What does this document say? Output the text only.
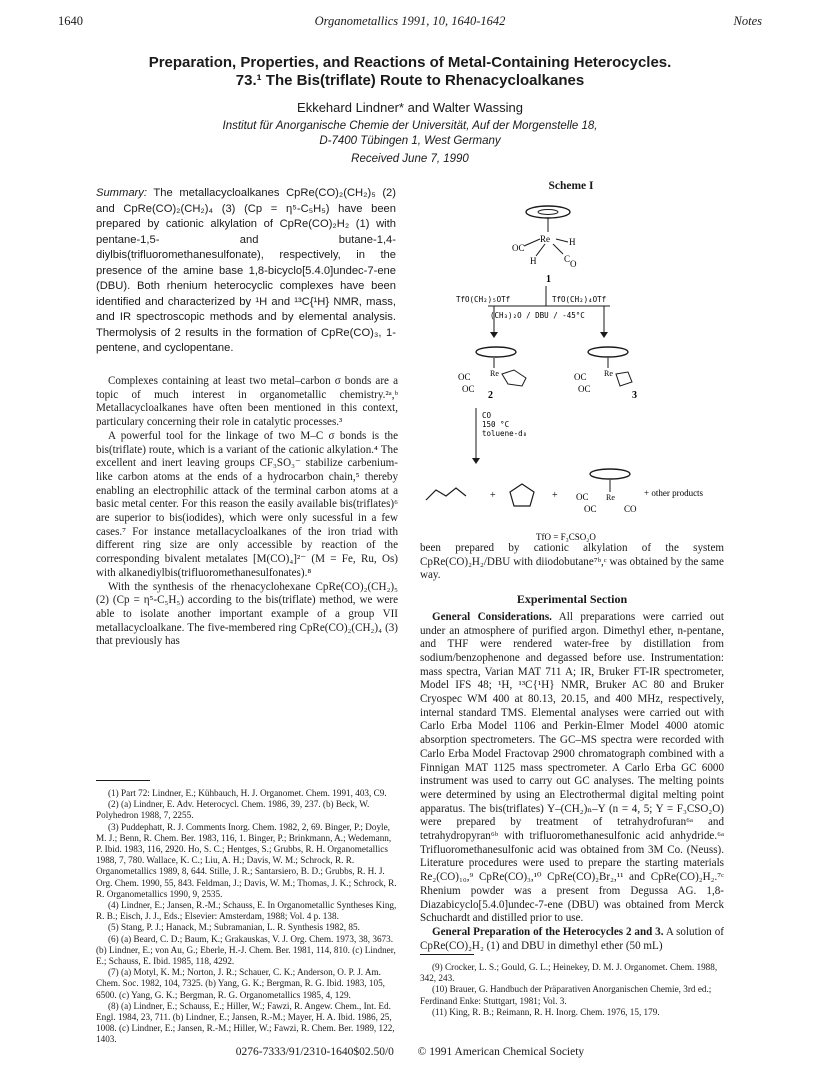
1640	Organometallics 1991, 10, 1640-1642	Notes
Preparation, Properties, and Reactions of Metal-Containing Heterocycles.
73.¹ The Bis(triflate) Route to Rhenacycloalkanes
Ekkehard Lindner* and Walter Wassing
Institut für Anorganische Chemie der Universität, Auf der Morgenstelle 18,
D-7400 Tübingen 1, West Germany
Received June 7, 1990
Summary: The metallacycloalkanes CpRe(CO)₂(CH₂)₅ (2) and CpRe(CO)₂(CH₂)₄ (3) (Cp = η⁵-C₅H₅) have been prepared by cationic alkylation of CpRe(CO)₂H₂ (1) with pentane-1,5- and butane-1,4-diylbis(trifluoromethanesulfonate), respectively, in the presence of the amine base 1,8-bicyclo[5.4.0]undec-7-ene (DBU). Both rhenium heterocyclic complexes have been identified and characterized by ¹H and ¹³C{¹H} NMR, mass, and IR spectroscopic methods and by elemental analysis. Thermolysis of 2 results in the formation of CpRe(CO)₃, 1-pentene, and cyclopentane.

Complexes containing at least two metal–carbon σ bonds are a topic of much interest in organometallic chemistry.²ᵃ,ᵇ Metallacycloalkanes have often been mentioned in this context, particulary concerning their role in catalytic processes.³

A powerful tool for the linkage of two M–C σ bonds is the bis(triflate) route, which is a variant of the cationic alkylation.⁴ The excellent and inert leaving groups CF₃SO₃⁻ stabilize carbenium-like carbon atoms at the ends of a hydrocarbon chain,⁵ thereby enabling an electrophilic attack of the terminal carbon atoms at a basic metal center. For this reason the easily available bis(triflates)⁶ are superior to bis(iodides), which were only sucessful in a few cases.⁷ For instance metallacycloalkanes of the iron triad with different ring size are only accessible by reaction of the corresponding bivalent metalates [M(CO)₄]²⁻ (M = Fe, Ru, Os) with alkanediylbis(trifluoromethanesulfonates).⁸

With the synthesis of the rhenacyclohexane CpRe(CO)₂(CH₂)₅ (2) (Cp = η⁵-C₅H₅) according to the bis(triflate) method, we were able to isolate another important example of a group VII metallacycloalkane. The five-membered ring CpRe(CO)₂(CH₂)₄ (3) that previously has

(1) Part 72: Lindner, E.; Kühbauch, H. J. Organomet. Chem. 1991, 403, C9.
(2) (a) Lindner, E. Adv. Heterocycl. Chem. 1986, 39, 237. (b) Beck, W. Polyhedron 1988, 7, 2255.
(3) Puddephatt, R. J. Comments Inorg. Chem. 1982, 2, 69. Binger, P.; Doyle, M. J.; Benn, R. Chem. Ber. 1983, 116, 1. Binger, P.; Brinkmann, A.; Wedemann, P. Ibid. 1983, 116, 2920. Ho, S. C.; Hentges, S.; Grubbs, R. H. Organometallics 1988, 7, 780. Wallace, K. C.; Liu, A. H.; Davis, W. M.; Schrock, R. R. Organometallics 1989, 8, 644. Stille, J. R.; Santarsiero, B. D.; Grubbs, R. H. J. Org. Chem. 1990, 55, 843. Feldman, J.; Davis, W. M.; Thomas, J. K.; Schrock, R. R. Organometallics 1990, 9, 2535.
(4) Lindner, E.; Jansen, R.-M.; Schauss, E. In Organometallic Syntheses King, R. B.; Eisch, J. J., Eds.; Elsevier: Amsterdam, 1988; Vol. 4 p. 138.
(5) Stang, P. J.; Hanack, M.; Subramanian, L. R. Synthesis 1982, 85.
(6) (a) Beard, C. D.; Baum, K.; Grakauskas, V. J. Org. Chem. 1973, 38, 3673. (b) Lindner, E.; von Au, G.; Eberle, H.-J. Chem. Ber. 1981, 114, 810. (c) Lindner, E.; Schauss, E. Ibid. 1985, 118, 4292.
(7) (a) Motyl, K. M.; Norton, J. R.; Schauer, C. K.; Anderson, O. P. J. Am. Chem. Soc. 1982, 104, 7325. (b) Yang, G. K.; Bergman, R. G. Ibid. 1983, 105, 6500. (c) Yang, G. K.; Bergman, R. G. Organometallics 1985, 4, 129.
(8) (a) Lindner, E.; Schauss, E.; Hiller, W.; Fawzi, R. Angew. Chem., Int. Ed. Engl. 1984, 23, 711. (b) Lindner, E.; Jansen, R.-M.; Mayer, H. A. Ibid. 1986, 25, 1008. (c) Lindner, E.; Jansen, R.-M.; Hiller, W.; Fawzi, R. Chem. Ber. 1989, 122, 1403.
Scheme I
Re
OC
H
H
C O
1
TfO(CH₂)₅OTf	TfO(CH₂)₄OTf
(CH₃)₂O / DBU / -45°C
Re
OC
OC
2
Re
OC
OC
3
CO
150 °C
toluene-d₈
+	+	Re
OC
OC	CO
+ other products
TfO = F₃CSO₂O

been prepared by cationic alkylation of the system CpRe(CO)₂H₂/DBU with diiodobutane⁷ᵇ,ᶜ was obtained by the same way.

Experimental Section

General Considerations. All preparations were carried out under an atmosphere of purified argon. Dimethyl ether, n-pentane, and THF were rendered water-free by distillation from sodium/benzophenone and degassed before use. Instrumentation: mass spectra, Varian MAT 711 A; IR, Bruker FT-IR spectrometer, Model IFS 48; ¹H, ¹³C{¹H} NMR, Bruker AC 80 and Bruker Cryospec WM 400 at 80.13, 20.15, and 400 MHz, respectively, internal standard TMS. Elemental analyses were carried out with Carlo Erba Model 1106 and Perkin-Elmer Model 4000 atomic absorption spectrometers. The GC–MS spectra were recorded with Carlo Erba Model Fractovap 2900 chromatograph combined with a Finnigan MAT 1125 mass spectrometer. A Carlo Erba GC 6000 instrument was used to carry out GC analyses. The melting points were determined by using an Electrothermal digital melting point apparatus. The bis(triflates) Y–(CH₂)ₙ–Y (n = 4, 5; Y = F₃CSO₂O) were prepared by treatment of tetrahydrofuran⁶ᵃ and tetrahydropyran⁶ᵇ with trifluoromethanesulfonic acid anhydride.⁶ᵃ Trifluoromethanesulfonic acid was obtained from 3M Co. (Neuss). Literature procedures were used to prepare the starting materials Re₂(CO)₁₀,⁹ CpRe(CO)₃,¹⁰ CpRe(CO)₂Br₂,¹¹ and CpRe(CO)₂H₂.⁷ᶜ Rhenium powder was a present from Degussa AG. 1,8-Diazabicyclo[5.4.0]undec-7-ene (DBU) was obtained from Merck Schuchardt and distilled prior to use.

General Preparation of the Heterocycles 2 and 3. A solution of CpRe(CO)₂H₂ (1) and DBU in dimethyl ether (50 mL)

(9) Crocker, L. S.; Gould, G. L.; Heinekey, D. M. J. Organomet. Chem. 1988, 342, 243.
(10) Brauer, G. Handbuch der Präparativen Anorganischen Chemie, 3rd ed.; Ferdinand Enke: Stuttgart, 1981; Vol. 3.
(11) King, R. B.; Reimann, R. H. Inorg. Chem. 1976, 15, 179.
0276-7333/91/2310-1640$02.50/0 © 1991 American Chemical Society
